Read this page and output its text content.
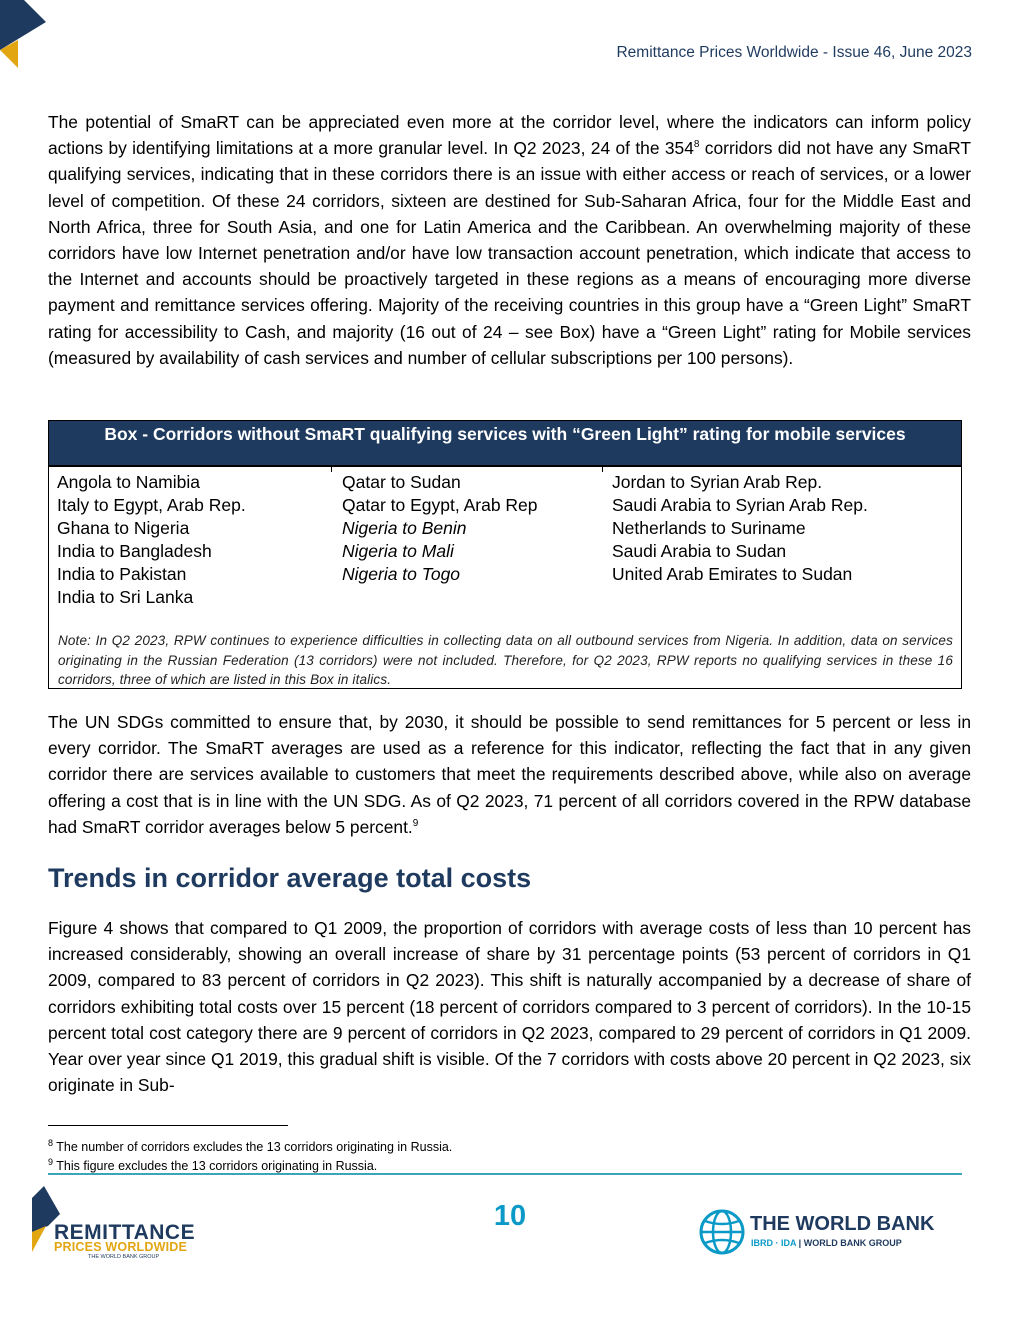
Remittance Prices Worldwide - Issue 46, June 2023

The potential of SmaRT can be appreciated even more at the corridor level, where the indicators can inform policy actions by identifying limitations at a more granular level. In Q2 2023, 24 of the $354^8$ corridors did not have any SmaRT qualifying services, indicating that in these corridors there is an issue with either access or reach of services, or a lower level of competition. Of these 24 corridors, sixteen are destined for Sub-Saharan Africa, four for the Middle East and North Africa, three for South Asia, and one for Latin America and the Caribbean. An overwhelming majority of these corridors have low Internet penetration and/or have low transaction account penetration, which indicate that access to the Internet and accounts should be proactively targeted in these regions as a means of encouraging more diverse payment and remittance services offering. Majority of the receiving countries in this group have a “Green Light” SmaRT rating for accessibility to Cash, and majority (16 out of 24 – see Box) have a “Green Light” rating for Mobile services (measured by availability of cash services and number of cellular subscriptions per 100 persons).

Box - Corridors without SmaRT qualifying services with “Green Light” rating for mobile services
Angola to Namibia
Italy to Egypt, Arab Rep.
Ghana to Nigeria
India to Bangladesh
India to Pakistan
India to Sri Lanka
Qatar to Sudan
Qatar to Egypt, Arab Rep
Nigeria to Benin
Nigeria to Mali
Nigeria to Togo
Jordan to Syrian Arab Rep.
Saudi Arabia to Syrian Arab Rep.
Netherlands to Suriname
Saudi Arabia to Sudan
United Arab Emirates to Sudan
Note: In Q2 2023, RPW continues to experience difficulties in collecting data on all outbound services from Nigeria. In addition, data on services originating in the Russian Federation (13 corridors) were not included. Therefore, for Q2 2023, RPW reports no qualifying services in these 16 corridors, three of which are listed in this Box in italics.

The UN SDGs committed to ensure that, by 2030, it should be possible to send remittances for 5 percent or less in every corridor. The SmaRT averages are used as a reference for this indicator, reflecting the fact that in any given corridor there are services available to customers that meet the requirements described above, while also on average offering a cost that is in line with the UN SDG. As of Q2 2023, 71 percent of all corridors covered in the RPW database had SmaRT corridor averages below 5 percent.$^9$

Trends in corridor average total costs

Figure 4 shows that compared to Q1 2009, the proportion of corridors with average costs of less than 10 percent has increased considerably, showing an overall increase of share by 31 percentage points (53 percent of corridors in Q1 2009, compared to 83 percent of corridors in Q2 2023). This shift is naturally accompanied by a decrease of share of corridors exhibiting total costs over 15 percent (18 percent of corridors compared to 3 percent of corridors). In the 10-15 percent total cost category there are 9 percent of corridors in Q2 2023, compared to 29 percent of corridors in Q1 2009. Year over year since Q1 2019, this gradual shift is visible. Of the 7 corridors with costs above 20 percent in Q2 2023, six originate in Sub-

$^8$ The number of corridors excludes the 13 corridors originating in Russia.
$^9$ This figure excludes the 13 corridors originating in Russia.
REMITTANCE
PRICES WORLDWIDE
THE WORLD BANK GROUP
10	THE WORLD BANK
IBRD · IDA | WORLD BANK GROUP
